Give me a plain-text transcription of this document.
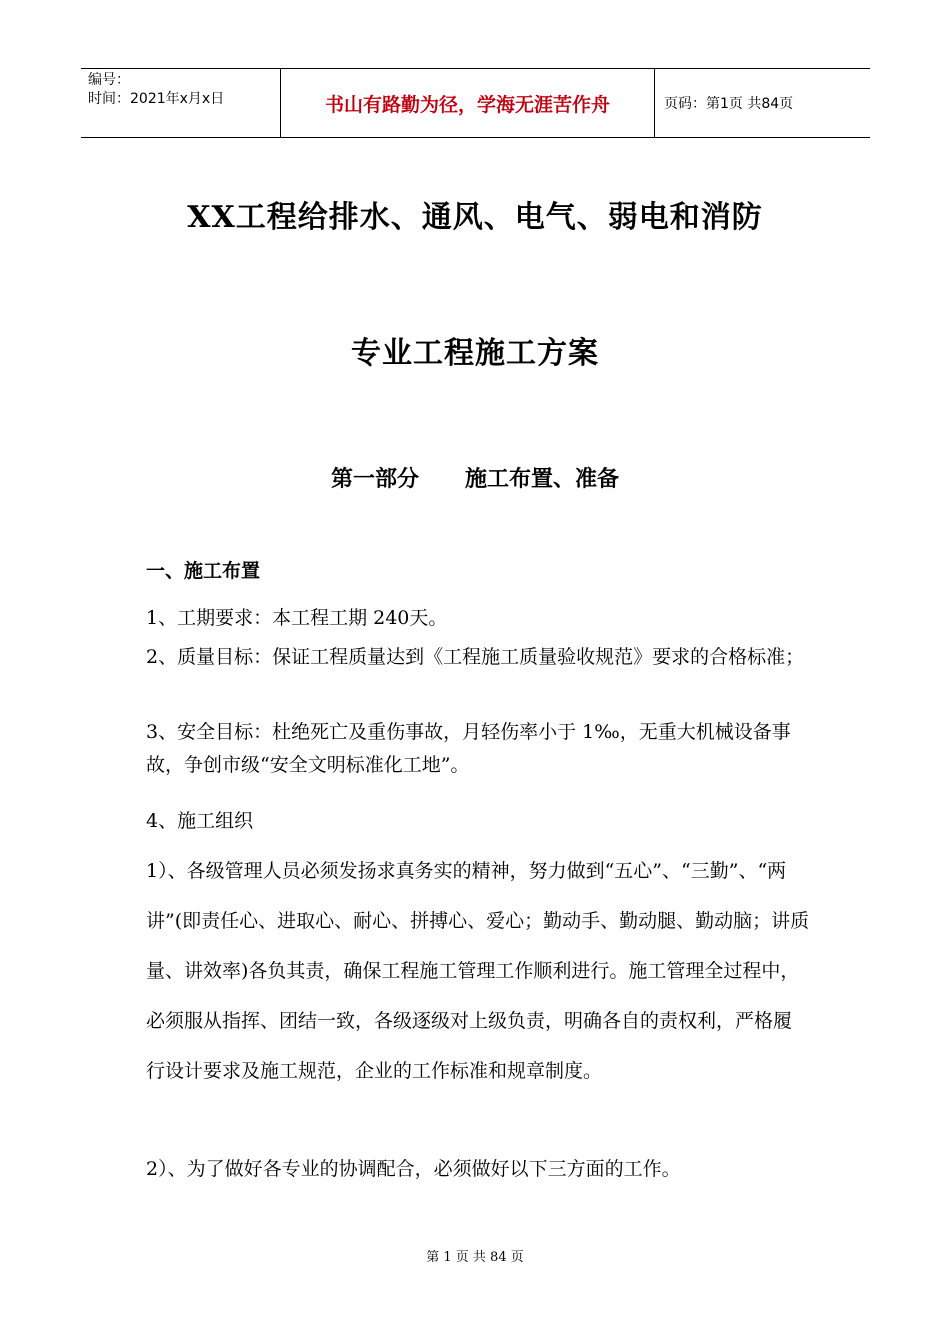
编号：
时间：2021年x月x日	书山有路勤为径，学海无涯苦作舟	页码：第1页 共84页
XX工程给排水、通风、电气、弱电和消防
专业工程施工方案
第一部分      施工布置、准备
一、施工布置

1、工期要求：本工程工期 240天。

2、质量目标：保证工程质量达到《工程施工质量验收规范》要求的合格标准；

3、安全目标：杜绝死亡及重伤事故，月轻伤率小于 1‰，无重大机械设备事故，争创市级“安全文明标准化工地”。

4、施工组织

1）、各级管理人员必须发扬求真务实的精神，努力做到“五心”、“三勤”、“两讲”(即责任心、进取心、耐心、拼搏心、爱心；勤动手、勤动腿、勤动脑；讲质量、讲效率)各负其责，确保工程施工管理工作顺利进行。施工管理全过程中，必须服从指挥、团结一致，各级逐级对上级负责，明确各自的责权利，严格履行设计要求及施工规范，企业的工作标准和规章制度。

2）、为了做好各专业的协调配合，必须做好以下三方面的工作。

第 1 页 共 84 页
